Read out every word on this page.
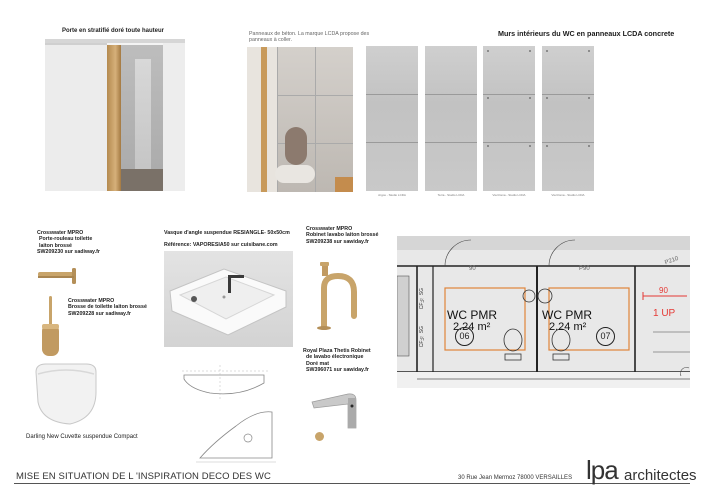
Porte en stratifié doré toute hauteur	Panneaux de béton. La marque LCDA propose des panneaux à coller.
Murs intérieurs du WC en panneaux LCDA concrete
Argos - Studio LCDA	Terra - Studio LCDA	Via Roma - Studio LCDA	Via Roma - Studio LCDA
Crosswater MPRO
Porte-rouleau toilette
laiton brossé
SW209230 sur sadiway.fr
Crosswater MPRO
Brosse de toilette laiton brossé
SW209228 sur sadiway.fr
Darling New Cuvette suspendue Compact
Vasque d'angle suspendue RESIANGLE- 50x50cm
Référence: VAPORESIA50 sur cuisibane.com
Crosswater MPRO
Robinet lavabo laiton brossé
SW209238 sur sawiday.fr
Royal Plaza Thetis Robinet
de lavabo électronique
Doré mat
SW396071 sur sawiday.fr
WC PMR
2.24 m²
06
WC PMR
2.24 m²
07
CF½ SG
CF½ SG
90	P90
P210
90
1 UP
MISE EN SITUATION DE L 'INSPIRATION DECO DES WC	30 Rue Jean Mermoz 78000 VERSAILLES lpa architectes
